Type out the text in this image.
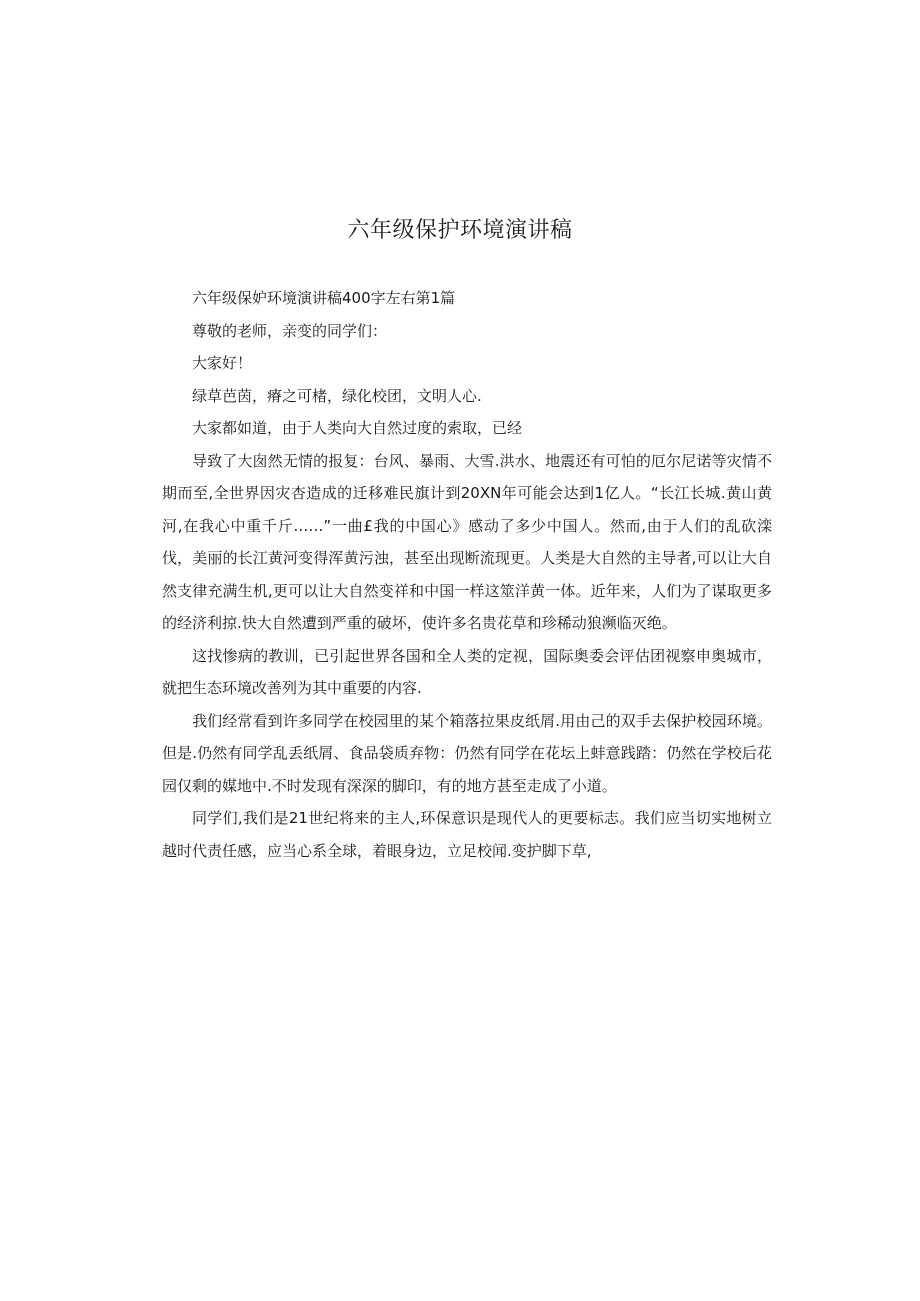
六年级保护环境演讲稿

六年级保妒环境演讲稿400字左右第1篇

尊敬的老师，亲变的同学们：

大家好！

绿草芭茵，瘠之可楮，绿化校团，文明人心.

大家都如道，由于人类向大自然过度的索取，已经

导致了大囱然无情的报复：台风、暴雨、大雪.洪水、地震还有可怕的厄尔尼诺等灾情不期而至,全世界因灾杏造成的迁移难民旗计到20XN年可能会达到1亿人。“长江长城.黄山黄河,在我心中重千斤……”一曲£我的中国心》感动了多少中国人。然而,由于人们的乱砍滦伐，美丽的长江黄河变得浑黄污浊，甚至出现断流现更。人类是大自然的主导者,可以让大自然支律充满生机,更可以让大自然变祥和中国一样这筮洋黄一体。近年来，人们为了谋取更多的经济利掠.快大自然遭到严重的破坏，使许多名贵花草和珍稀动狼濒临灭绝。

这找惨病的教训，已引起世界各国和全人类的定视，国际奥委会评估团视察申奥城市，就把生态环境改善列为其中重要的内容.

我们经常看到许多同学在校园里的某个箱落拉果皮纸屑.用由己的双手去保护校园环境。但是.仍然有同学乱丢纸屑、食品袋质弃物：仍然有同学在花坛上蚌意践踏：仍然在学校后花园仅剩的媒地中.不时发现有深深的脚印，有的地方甚至走成了小道。

同学们,我们是21世纪将来的主人,环保意识是现代人的更要标志。我们应当切实地树立越时代责任感，应当心系全球，着眼身边，立足校闻.变护脚下草,
